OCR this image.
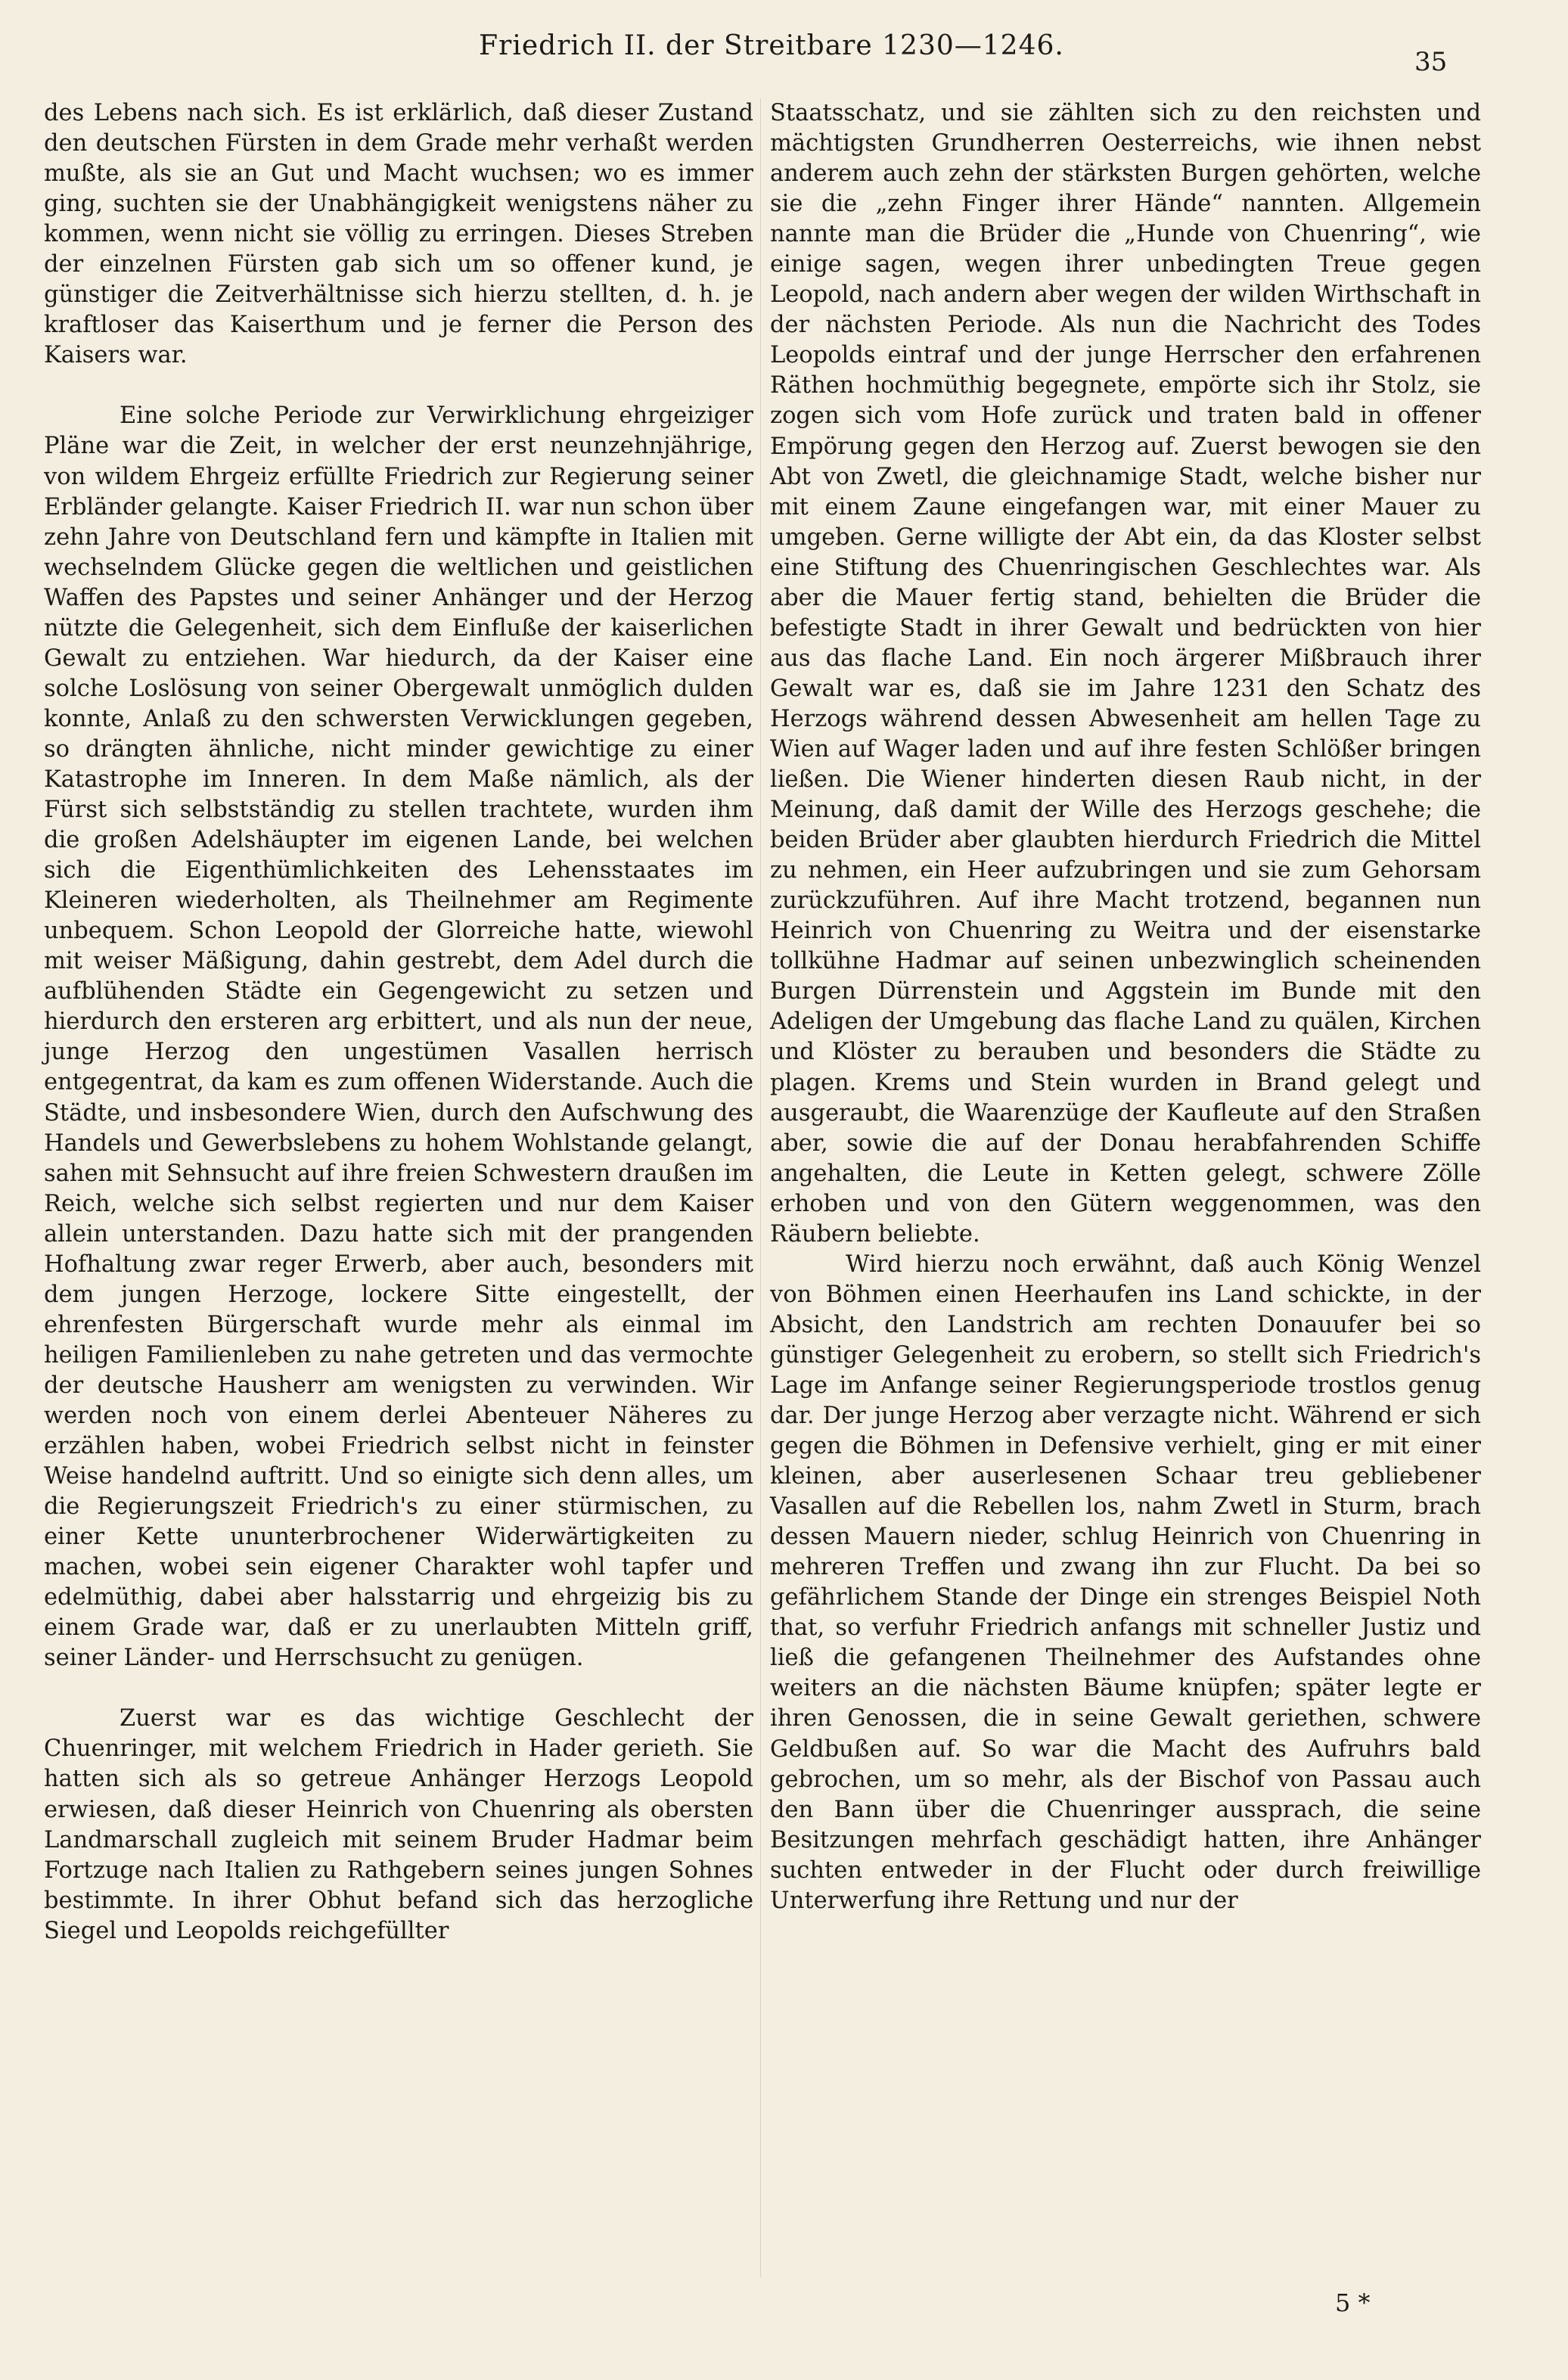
Friedrich II. der Streitbare 1230—1246.
35

des Lebens nach sich. Es ist erklärlich, daß dieser Zustand den deutschen Fürsten in dem Grade mehr verhaßt werden mußte, als sie an Gut und Macht wuchsen; wo es immer ging, suchten sie der Unabhängigkeit wenigstens näher zu kommen, wenn nicht sie völlig zu erringen. Dieses Streben der einzelnen Fürsten gab sich um so offener kund, je günstiger die Zeitverhältnisse sich hierzu stellten, d. h. je kraftloser das Kaiserthum und je ferner die Person des Kaisers war.

Eine solche Periode zur Verwirklichung ehrgeiziger Pläne war die Zeit, in welcher der erst neunzehnjährige, von wildem Ehrgeiz erfüllte Friedrich zur Regierung seiner Erbländer gelangte. Kaiser Friedrich II. war nun schon über zehn Jahre von Deutschland fern und kämpfte in Italien mit wechselndem Glücke gegen die weltlichen und geistlichen Waffen des Papstes und seiner Anhänger und der Herzog nützte die Gelegenheit, sich dem Einfluße der kaiserlichen Gewalt zu entziehen. War hiedurch, da der Kaiser eine solche Loslösung von seiner Obergewalt unmöglich dulden konnte, Anlaß zu den schwersten Verwicklungen gegeben, so drängten ähnliche, nicht minder gewichtige zu einer Katastrophe im Inneren. In dem Maße nämlich, als der Fürst sich selbstständig zu stellen trachtete, wurden ihm die großen Adelshäupter im eigenen Lande, bei welchen sich die Eigenthümlichkeiten des Lehensstaates im Kleineren wiederholten, als Theilnehmer am Regimente unbequem. Schon Leopold der Glorreiche hatte, wiewohl mit weiser Mäßigung, dahin gestrebt, dem Adel durch die aufblühenden Städte ein Gegengewicht zu setzen und hierdurch den ersteren arg erbittert, und als nun der neue, junge Herzog den ungestümen Vasallen herrisch entgegentrat, da kam es zum offenen Widerstande. Auch die Städte, und insbesondere Wien, durch den Aufschwung des Handels und Gewerbslebens zu hohem Wohlstande gelangt, sahen mit Sehnsucht auf ihre freien Schwestern draußen im Reich, welche sich selbst regierten und nur dem Kaiser allein unterstanden. Dazu hatte sich mit der prangenden Hofhaltung zwar reger Erwerb, aber auch, besonders mit dem jungen Herzoge, lockere Sitte eingestellt, der ehrenfesten Bürgerschaft wurde mehr als einmal im heiligen Familienleben zu nahe getreten und das vermochte der deutsche Hausherr am wenigsten zu verwinden. Wir werden noch von einem derlei Abenteuer Näheres zu erzählen haben, wobei Friedrich selbst nicht in feinster Weise handelnd auftritt. Und so einigte sich denn alles, um die Regierungszeit Friedrich's zu einer stürmischen, zu einer Kette ununterbrochener Widerwärtigkeiten zu machen, wobei sein eigener Charakter wohl tapfer und edelmüthig, dabei aber halsstarrig und ehrgeizig bis zu einem Grade war, daß er zu unerlaubten Mitteln griff, seiner Länder- und Herrschsucht zu genügen.

Zuerst war es das wichtige Geschlecht der Chuenringer, mit welchem Friedrich in Hader gerieth. Sie hatten sich als so getreue Anhänger Herzogs Leopold erwiesen, daß dieser Heinrich von Chuenring als obersten Landmarschall zugleich mit seinem Bruder Hadmar beim Fortzuge nach Italien zu Rathgebern seines jungen Sohnes bestimmte. In ihrer Obhut befand sich das herzogliche Siegel und Leopolds reichgefüllter

Staatsschatz, und sie zählten sich zu den reichsten und mächtigsten Grundherren Oesterreichs, wie ihnen nebst anderem auch zehn der stärksten Burgen gehörten, welche sie die „zehn Finger ihrer Hände“ nannten. Allgemein nannte man die Brüder die „Hunde von Chuenring“, wie einige sagen, wegen ihrer unbedingten Treue gegen Leopold, nach andern aber wegen der wilden Wirthschaft in der nächsten Periode. Als nun die Nachricht des Todes Leopolds eintraf und der junge Herrscher den erfahrenen Räthen hochmüthig begegnete, empörte sich ihr Stolz, sie zogen sich vom Hofe zurück und traten bald in offener Empörung gegen den Herzog auf. Zuerst bewogen sie den Abt von Zwetl, die gleichnamige Stadt, welche bisher nur mit einem Zaune eingefangen war, mit einer Mauer zu umgeben. Gerne willigte der Abt ein, da das Kloster selbst eine Stiftung des Chuenringischen Geschlechtes war. Als aber die Mauer fertig stand, behielten die Brüder die befestigte Stadt in ihrer Gewalt und bedrückten von hier aus das flache Land. Ein noch ärgerer Mißbrauch ihrer Gewalt war es, daß sie im Jahre 1231 den Schatz des Herzogs während dessen Abwesenheit am hellen Tage zu Wien auf Wager laden und auf ihre festen Schlößer bringen ließen. Die Wiener hinderten diesen Raub nicht, in der Meinung, daß damit der Wille des Herzogs geschehe; die beiden Brüder aber glaubten hierdurch Friedrich die Mittel zu nehmen, ein Heer aufzubringen und sie zum Gehorsam zurückzuführen. Auf ihre Macht trotzend, begannen nun Heinrich von Chuenring zu Weitra und der eisenstarke tollkühne Hadmar auf seinen unbezwinglich scheinenden Burgen Dürrenstein und Aggstein im Bunde mit den Adeligen der Umgebung das flache Land zu quälen, Kirchen und Klöster zu berauben und besonders die Städte zu plagen. Krems und Stein wurden in Brand gelegt und ausgeraubt, die Waarenzüge der Kaufleute auf den Straßen aber, sowie die auf der Donau herabfahrenden Schiffe angehalten, die Leute in Ketten gelegt, schwere Zölle erhoben und von den Gütern weggenommen, was den Räubern beliebte.

Wird hierzu noch erwähnt, daß auch König Wenzel von Böhmen einen Heerhaufen ins Land schickte, in der Absicht, den Landstrich am rechten Donauufer bei so günstiger Gelegenheit zu erobern, so stellt sich Friedrich's Lage im Anfange seiner Regierungsperiode trostlos genug dar. Der junge Herzog aber verzagte nicht. Während er sich gegen die Böhmen in Defensive verhielt, ging er mit einer kleinen, aber auserlesenen Schaar treu gebliebener Vasallen auf die Rebellen los, nahm Zwetl in Sturm, brach dessen Mauern nieder, schlug Heinrich von Chuenring in mehreren Treffen und zwang ihn zur Flucht. Da bei so gefährlichem Stande der Dinge ein strenges Beispiel Noth that, so verfuhr Friedrich anfangs mit schneller Justiz und ließ die gefangenen Theilnehmer des Aufstandes ohne weiters an die nächsten Bäume knüpfen; später legte er ihren Genossen, die in seine Gewalt geriethen, schwere Geldbußen auf. So war die Macht des Aufruhrs bald gebrochen, um so mehr, als der Bischof von Passau auch den Bann über die Chuenringer aussprach, die seine Besitzungen mehrfach geschädigt hatten, ihre Anhänger suchten entweder in der Flucht oder durch freiwillige Unterwerfung ihre Rettung und nur der

5 *
